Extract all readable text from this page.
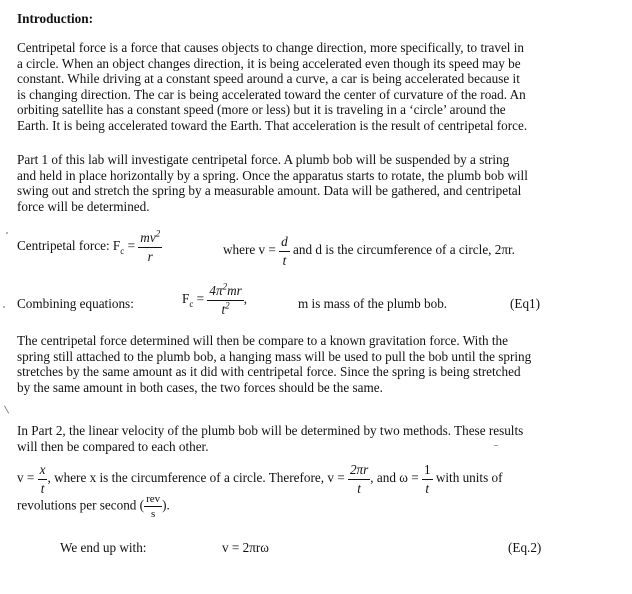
Introduction:
Centripetal force is a force that causes objects to change direction, more specifically, to travel in
a circle. When an object changes direction, it is being accelerated even though its speed may be
constant. While driving at a constant speed around a curve, a car is being accelerated because it
is changing direction. The car is being accelerated toward the center of curvature of the road. An
orbiting satellite has a constant speed (more or less) but it is traveling in a ‘circle’ around the
Earth. It is being accelerated toward the Earth. That acceleration is the result of centripetal force.
Part 1 of this lab will investigate centripetal force. A plumb bob will be suspended by a string
and held in place horizontally by a spring. Once the apparatus starts to rotate, the plumb bob will
swing out and stretch the spring by a measurable amount. Data will be gathered, and centripetal
force will be determined.
Centripetal force: $F_c = \frac{mv^2}{r}$	where $v = \frac{d}{t}$ and d is the circumference of a circle, 2πr.
Combining equations:	$F_c = \frac{4\pi^2mr}{t^2}$ ,	m is mass of the plumb bob.	(Eq1)
The centripetal force determined will then be compare to a known gravitation force. With the
spring still attached to the plumb bob, a hanging mass will be used to pull the bob until the spring
stretches by the same amount as it did with centripetal force. Since the spring is being stretched
by the same amount in both cases, the two forces should be the same.
In Part 2, the linear velocity of the plumb bob will be determined by two methods. These results
will then be compared to each other.
$v = \frac{x}{t}$ , where x is the circumference of a circle. Therefore, $v = \frac{2\pi r}{t}$ , and $\omega = \frac{1}{t}$ with units of
revolutions per second ( $\frac{\text{rev}}{s}$ ).
We end up with:	v = 2πrω	(Eq.2)
